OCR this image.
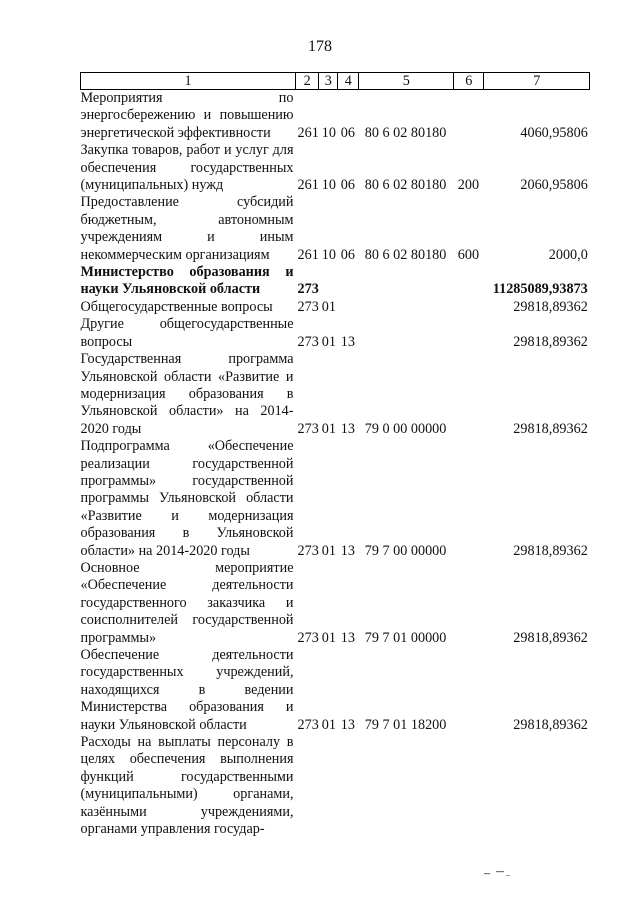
178
1	2	3	4	5	6	7
Мероприятия по энергосбережению и повышению энергетической эффективности	261	10	06	80 6 02 80180		4060,95806
Закупка товаров, работ и услуг для обеспечения государственных (муниципальных) нужд	261	10	06	80 6 02 80180	200	2060,95806
Предоставление субсидий бюджетным, автономным учреждениям и иным некоммерческим организациям	261	10	06	80 6 02 80180	600	2000,0
Министерство образования и науки Ульяновской области	273					11285089,93873
Общегосударственные вопросы	273	01				29818,89362
Другие общегосударственные вопросы	273	01	13			29818,89362
Государственная программа Ульяновской области «Развитие и модернизация образования в Ульяновской области» на 2014-2020 годы	273	01	13	79 0 00 00000		29818,89362
Подпрограмма «Обеспечение реализации государственной программы» государственной программы Ульяновской области «Развитие и модернизация образования в Ульяновской области» на 2014-2020 годы	273	01	13	79 7 00 00000		29818,89362
Основное мероприятие «Обеспечение деятельности государственного заказчика и соисполнителей государственной программы»	273	01	13	79 7 01 00000		29818,89362
Обеспечение деятельности государственных учреждений, находящихся в ведении Министерства образования и науки Ульяновской области	273	01	13	79 7 01 18200		29818,89362
Расходы на выплаты персоналу в целях обеспечения выполнения функций государственными (муниципальными) органами, казёнными учреждениями, органами управления государ-						
